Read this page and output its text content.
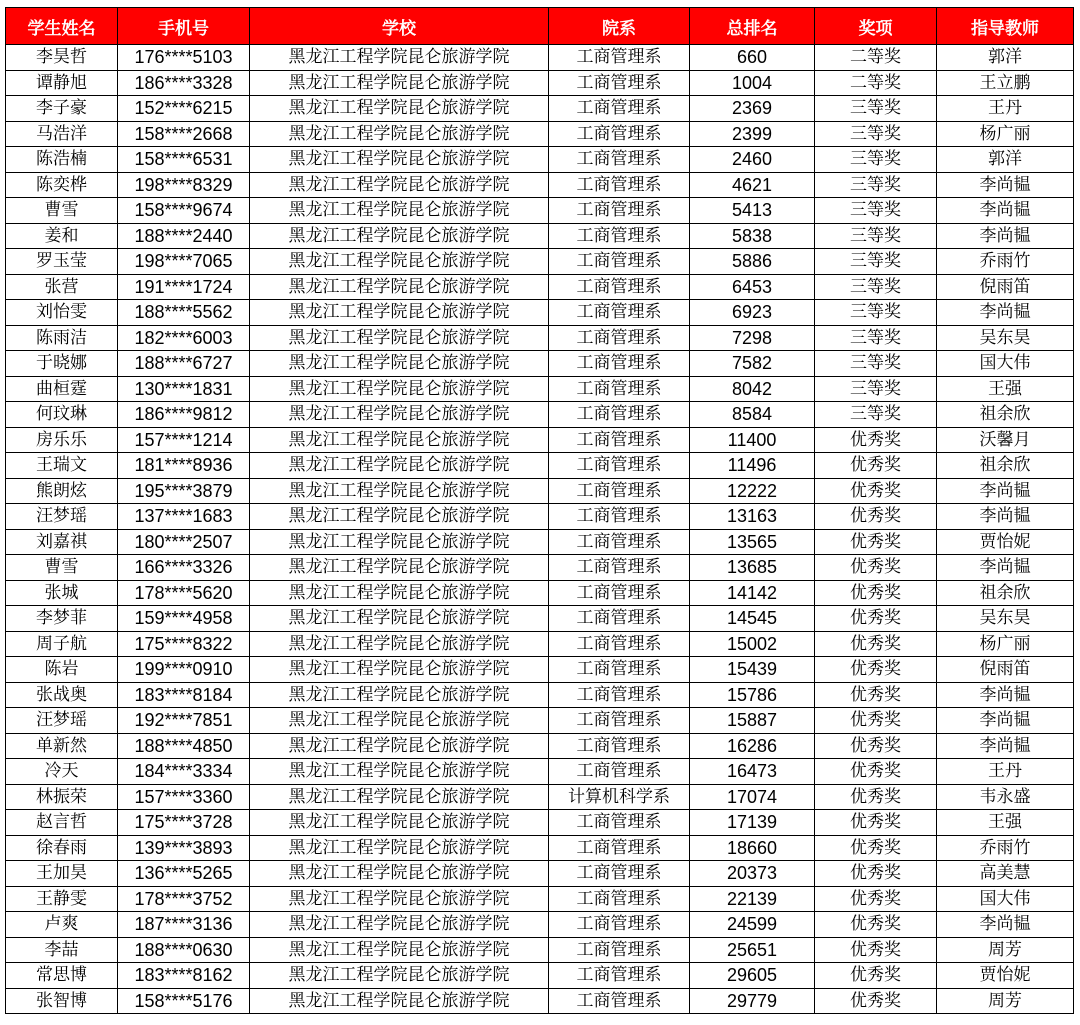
学生姓名	手机号	学校	院系	总排名	奖项	指导教师
李昊哲	176****5103	黑龙江工程学院昆仑旅游学院	工商管理系	660	二等奖	郭洋
谭静旭	186****3328	黑龙江工程学院昆仑旅游学院	工商管理系	1004	二等奖	王立鹏
李子豪	152****6215	黑龙江工程学院昆仑旅游学院	工商管理系	2369	三等奖	王丹
马浩洋	158****2668	黑龙江工程学院昆仑旅游学院	工商管理系	2399	三等奖	杨广丽
陈浩楠	158****6531	黑龙江工程学院昆仑旅游学院	工商管理系	2460	三等奖	郭洋
陈奕桦	198****8329	黑龙江工程学院昆仑旅游学院	工商管理系	4621	三等奖	李尚韫
曹雪	158****9674	黑龙江工程学院昆仑旅游学院	工商管理系	5413	三等奖	李尚韫
姜和	188****2440	黑龙江工程学院昆仑旅游学院	工商管理系	5838	三等奖	李尚韫
罗玉莹	198****7065	黑龙江工程学院昆仑旅游学院	工商管理系	5886	三等奖	乔雨竹
张营	191****1724	黑龙江工程学院昆仑旅游学院	工商管理系	6453	三等奖	倪雨笛
刘怡雯	188****5562	黑龙江工程学院昆仑旅游学院	工商管理系	6923	三等奖	李尚韫
陈雨洁	182****6003	黑龙江工程学院昆仑旅游学院	工商管理系	7298	三等奖	吴东昊
于晓娜	188****6727	黑龙江工程学院昆仑旅游学院	工商管理系	7582	三等奖	国大伟
曲桓霆	130****1831	黑龙江工程学院昆仑旅游学院	工商管理系	8042	三等奖	王强
何玟琳	186****9812	黑龙江工程学院昆仑旅游学院	工商管理系	8584	三等奖	祖余欣
房乐乐	157****1214	黑龙江工程学院昆仑旅游学院	工商管理系	11400	优秀奖	沃馨月
王瑞文	181****8936	黑龙江工程学院昆仑旅游学院	工商管理系	11496	优秀奖	祖余欣
熊朗炫	195****3879	黑龙江工程学院昆仑旅游学院	工商管理系	12222	优秀奖	李尚韫
汪梦瑶	137****1683	黑龙江工程学院昆仑旅游学院	工商管理系	13163	优秀奖	李尚韫
刘嘉祺	180****2507	黑龙江工程学院昆仑旅游学院	工商管理系	13565	优秀奖	贾怡妮
曹雪	166****3326	黑龙江工程学院昆仑旅游学院	工商管理系	13685	优秀奖	李尚韫
张城	178****5620	黑龙江工程学院昆仑旅游学院	工商管理系	14142	优秀奖	祖余欣
李梦菲	159****4958	黑龙江工程学院昆仑旅游学院	工商管理系	14545	优秀奖	吴东昊
周子航	175****8322	黑龙江工程学院昆仑旅游学院	工商管理系	15002	优秀奖	杨广丽
陈岩	199****0910	黑龙江工程学院昆仑旅游学院	工商管理系	15439	优秀奖	倪雨笛
张战奥	183****8184	黑龙江工程学院昆仑旅游学院	工商管理系	15786	优秀奖	李尚韫
汪梦瑶	192****7851	黑龙江工程学院昆仑旅游学院	工商管理系	15887	优秀奖	李尚韫
单新然	188****4850	黑龙江工程学院昆仑旅游学院	工商管理系	16286	优秀奖	李尚韫
冷天	184****3334	黑龙江工程学院昆仑旅游学院	工商管理系	16473	优秀奖	王丹
林振荣	157****3360	黑龙江工程学院昆仑旅游学院	计算机科学系	17074	优秀奖	韦永盛
赵言哲	175****3728	黑龙江工程学院昆仑旅游学院	工商管理系	17139	优秀奖	王强
徐春雨	139****3893	黑龙江工程学院昆仑旅游学院	工商管理系	18660	优秀奖	乔雨竹
王加昊	136****5265	黑龙江工程学院昆仑旅游学院	工商管理系	20373	优秀奖	高美慧
王静雯	178****3752	黑龙江工程学院昆仑旅游学院	工商管理系	22139	优秀奖	国大伟
卢爽	187****3136	黑龙江工程学院昆仑旅游学院	工商管理系	24599	优秀奖	李尚韫
李喆	188****0630	黑龙江工程学院昆仑旅游学院	工商管理系	25651	优秀奖	周芳
常思博	183****8162	黑龙江工程学院昆仑旅游学院	工商管理系	29605	优秀奖	贾怡妮
张智博	158****5176	黑龙江工程学院昆仑旅游学院	工商管理系	29779	优秀奖	周芳
